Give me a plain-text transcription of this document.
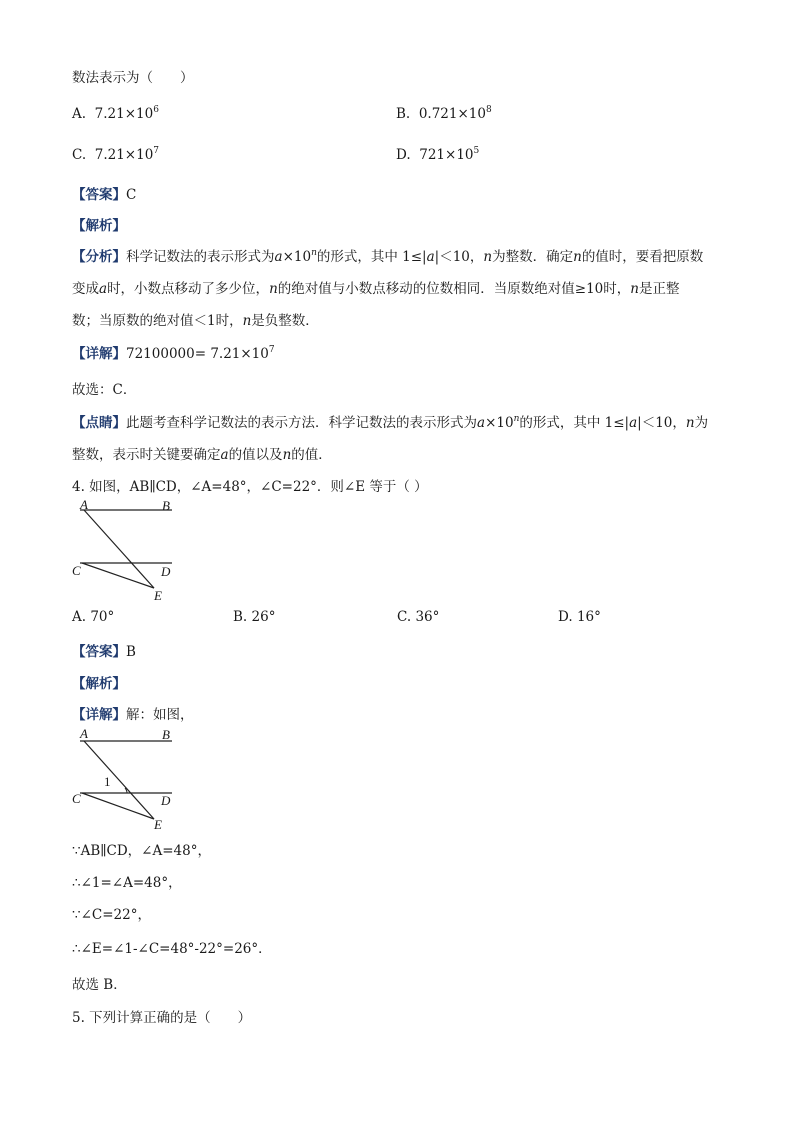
数法表示为（　　）
A. $7.21\times 10^6$	B. $0.721\times 10^8$
C. $7.21\times 10^7$	D. $721\times 10^5$
【答案】C
【解析】
【分析】科学记数法的表示形式为$a\times 10^n$的形式，其中 1≤|a|＜10，n为整数．确定n的值时，要看把原数
变成a时，小数点移动了多少位，n的绝对值与小数点移动的位数相同．当原数绝对值≥10时，n是正整
数；当原数的绝对值＜1时，n是负整数．
【详解】$72100000= 7.21\times 10^7$
故选：C．
【点睛】此题考查科学记数法的表示方法．科学记数法的表示形式为$a\times 10^n$的形式，其中 1≤|a|＜10，n为
整数，表示时关键要确定a的值以及n的值．
4. 如图，AB∥CD，∠A=48°，∠C=22°．则∠E 等于（ ）
A	B
C	D
E
A. 70°	B. 26°	C. 36°	D. 16°
【答案】B
【解析】
【详解】解：如图，
A	B
C	D
E
1
∵AB∥CD，∠A=48°，
∴∠1=∠A=48°，
∵∠C=22°，
∴∠E=∠1-∠C=48°-22°=26°．
故选 B．
5. 下列计算正确的是（　　）
